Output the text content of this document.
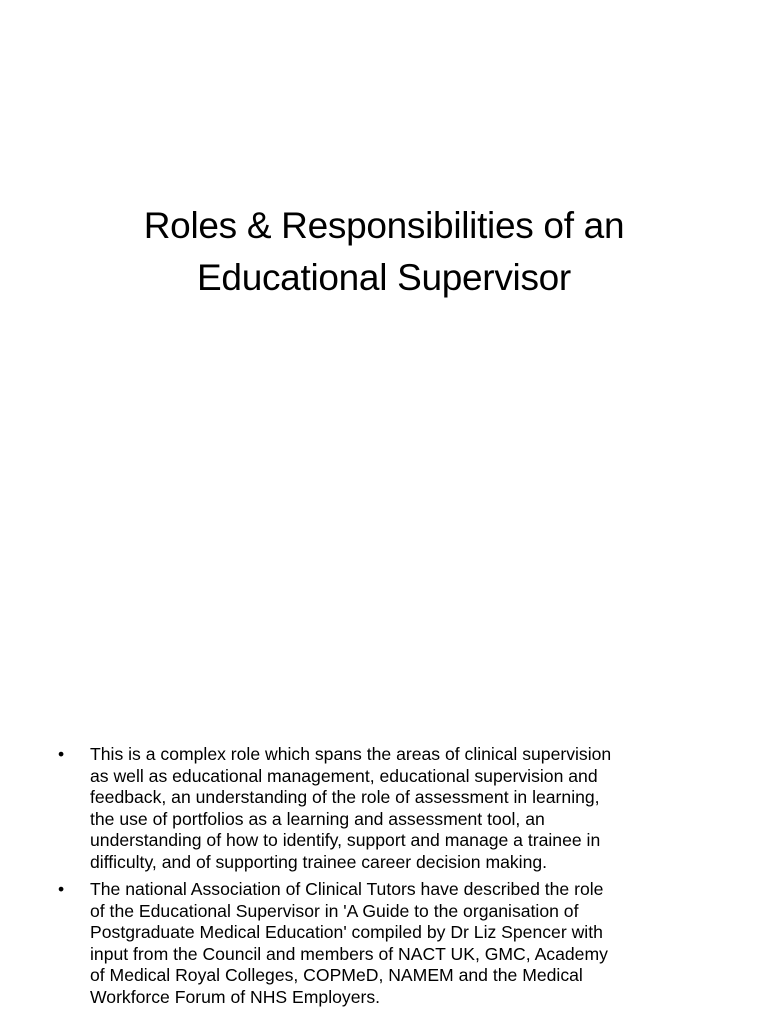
Roles & Responsibilities of an
Educational Supervisor
• This is a complex role which spans the areas of clinical supervision
as well as educational management, educational supervision and
feedback, an understanding of the role of assessment in learning,
the use of portfolios as a learning and assessment tool, an
understanding of how to identify, support and manage a trainee in
difficulty, and of supporting trainee career decision making.
• The national Association of Clinical Tutors have described the role
of the Educational Supervisor in 'A Guide to the organisation of
Postgraduate Medical Education' compiled by Dr Liz Spencer with
input from the Council and members of NACT UK, GMC, Academy
of Medical Royal Colleges, COPMeD, NAMEM and the Medical
Workforce Forum of NHS Employers.
